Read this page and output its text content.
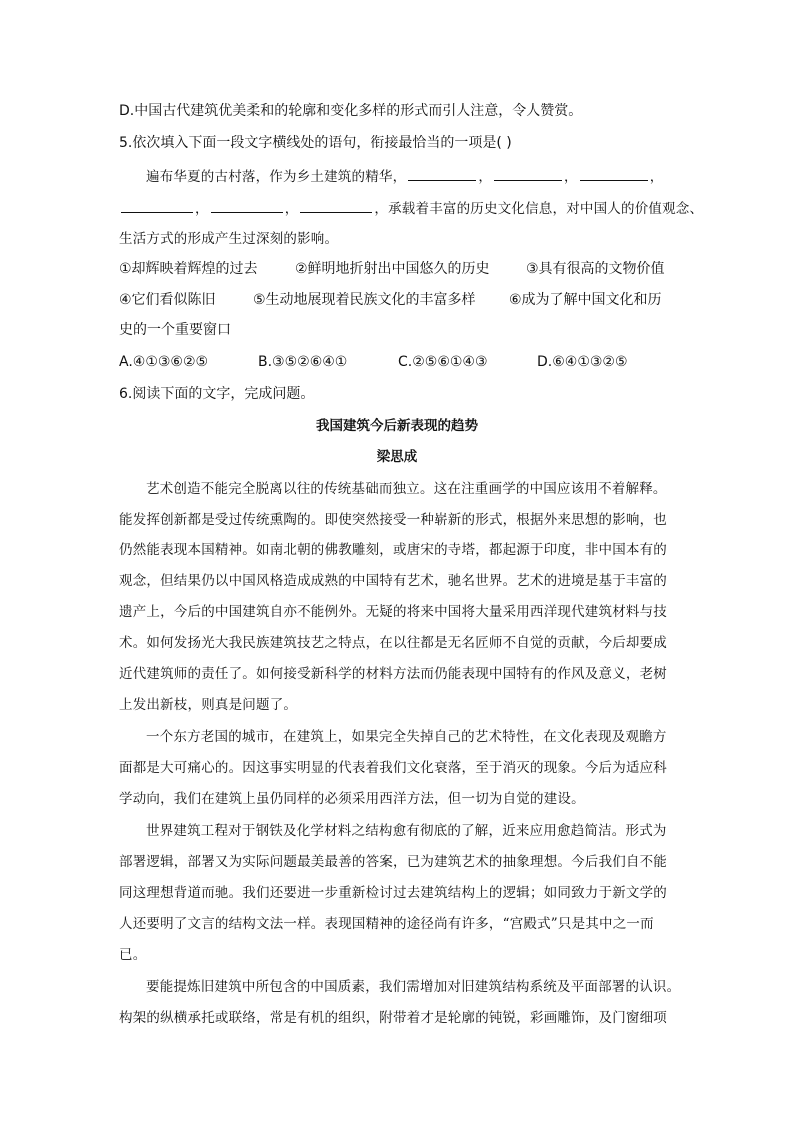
D.中国古代建筑优美柔和的轮廓和变化多样的形式而引人注意，令人赞赏。
5.依次填入下面一段文字横线处的语句，衔接最恰当的一项是( )
遍布华夏的古村落，作为乡土建筑的精华，	，	，	，
，	，	，承载着丰富的历史文化信息，对中国人的价值观念、
生活方式的形成产生过深刻的影响。
①却辉映着辉煌的过去	②鲜明地折射出中国悠久的历史	③具有很高的文物价值
④它们看似陈旧	⑤生动地展现着民族文化的丰富多样 ⑥成为了解中国文化和历
史的一个重要窗口
A.④①③⑥②⑤	B.③⑤②⑥④①	C.②⑤⑥①④③	D.⑥④①③②⑤
6.阅读下面的文字，完成问题。
我国建筑今后新表现的趋势
梁思成
艺术创造不能完全脱离以往的传统基础而独立。这在注重画学的中国应该用不着解释。
能发挥创新都是受过传统熏陶的。即使突然接受一种崭新的形式，根据外来思想的影响，也
仍然能表现本国精神。如南北朝的佛教雕刻，或唐宋的寺塔，都起源于印度，非中国本有的
观念，但结果仍以中国风格造成成熟的中国特有艺术，驰名世界。艺术的进境是基于丰富的
遗产上，今后的中国建筑自亦不能例外。无疑的将来中国将大量采用西洋现代建筑材料与技
术。如何发扬光大我民族建筑技艺之特点，在以往都是无名匠师不自觉的贡献，今后却要成
近代建筑师的责任了。如何接受新科学的材料方法而仍能表现中国特有的作风及意义，老树
上发出新枝，则真是问题了。
一个东方老国的城市，在建筑上，如果完全失掉自己的艺术特性，在文化表现及观瞻方
面都是大可痛心的。因这事实明显的代表着我们文化衰落，至于消灭的现象。今后为适应科
学动向，我们在建筑上虽仍同样的必须采用西洋方法，但一切为自觉的建设。
世界建筑工程对于钢铁及化学材料之结构愈有彻底的了解，近来应用愈趋简洁。形式为
部署逻辑，部署又为实际问题最美最善的答案，已为建筑艺术的抽象理想。今后我们自不能
同这理想背道而驰。我们还要进一步重新检讨过去建筑结构上的逻辑；如同致力于新文学的
人还要明了文言的结构文法一样。表现国精神的途径尚有许多，“宫殿式”只是其中之一而
已。
要能提炼旧建筑中所包含的中国质素，我们需增加对旧建筑结构系统及平面部署的认识。
构架的纵横承托或联络，常是有机的组织，附带着才是轮廓的钝锐，彩画雕饰，及门窗细项
